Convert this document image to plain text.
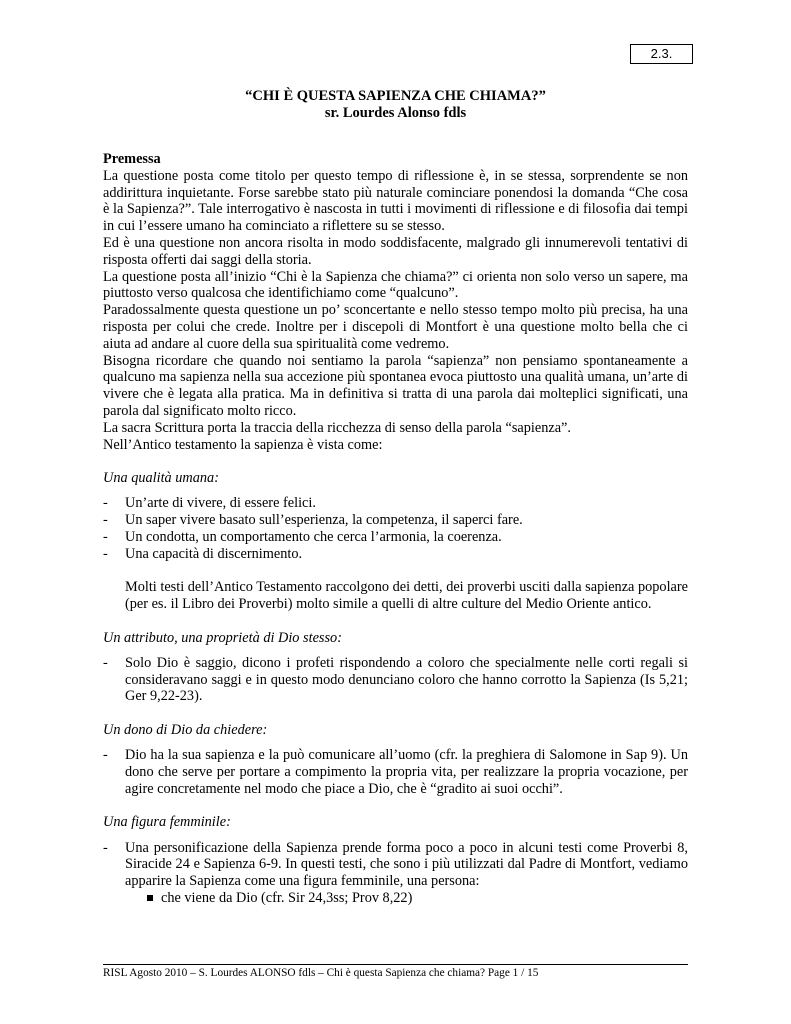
2.3.
“CHI È QUESTA SAPIENZA CHE CHIAMA?”
sr. Lourdes Alonso fdls

Premessa

La questione posta come titolo per questo tempo di riflessione è, in se stessa, sorprendente se non addirittura inquietante. Forse sarebbe stato più naturale cominciare ponendosi la domanda “Che cosa è la Sapienza?”. Tale interrogativo è nascosta in tutti i movimenti di riflessione e di filosofia dai tempi in cui l’essere umano ha cominciato a riflettere su se stesso.

Ed è una questione non ancora risolta in modo soddisfacente, malgrado gli innumerevoli tentativi di risposta offerti dai saggi della storia.

La questione posta all’inizio “Chi è la Sapienza che chiama?” ci orienta non solo verso un sapere, ma piuttosto verso qualcosa che identifichiamo come “qualcuno”.

Paradossalmente questa questione un po’ sconcertante e nello stesso tempo molto più precisa, ha una risposta per colui che crede. Inoltre per i discepoli di Montfort è una questione molto bella che ci aiuta ad andare al cuore della sua spiritualità come vedremo.

Bisogna ricordare che quando noi sentiamo la parola “sapienza” non pensiamo spontaneamente a qualcuno ma sapienza nella sua accezione più spontanea evoca piuttosto una qualità umana, un’arte di vivere che è legata alla pratica. Ma in definitiva si tratta di una parola dai molteplici significati, una parola dal significato molto ricco.

La sacra Scrittura porta la traccia della ricchezza di senso della parola “sapienza”.

Nell’Antico testamento la sapienza è vista come:

Una qualità umana:

- Un’arte di vivere, di essere felici.
- Un saper vivere basato sull’esperienza, la competenza, il saperci fare.
- Un condotta, un comportamento che cerca l’armonia, la coerenza.
- Una capacità di discernimento.

Molti testi dell’Antico Testamento raccolgono dei detti, dei proverbi usciti dalla sapienza popolare (per es. il Libro dei Proverbi) molto simile a quelli di altre culture del Medio Oriente antico.

Un attributo, una proprietà di Dio stesso:

- Solo Dio è saggio, dicono i profeti rispondendo a coloro che specialmente nelle corti regali si consideravano saggi e in questo modo denunciano coloro che hanno corrotto la Sapienza (Is 5,21; Ger 9,22-23).

Un dono di Dio da chiedere:

- Dio ha la sua sapienza e la può comunicare all’uomo (cfr. la preghiera di Salomone in Sap 9). Un dono che serve per portare a compimento la propria vita, per realizzare la propria vocazione, per agire concretamente nel modo che piace a Dio, che è “gradito ai suoi occhi”.

Una figura femminile:

- Una personificazione della Sapienza prende forma poco a poco in alcuni testi come Proverbi 8, Siracide 24 e Sapienza 6-9. In questi testi, che sono i più utilizzati dal Padre di Montfort, vediamo apparire la Sapienza come una figura femminile, una persona:
che viene da Dio (cfr. Sir 24,3ss; Prov 8,22)
RISL Agosto 2010 – S. Lourdes ALONSO fdls – Chi è questa Sapienza che chiama? Page 1 / 15
